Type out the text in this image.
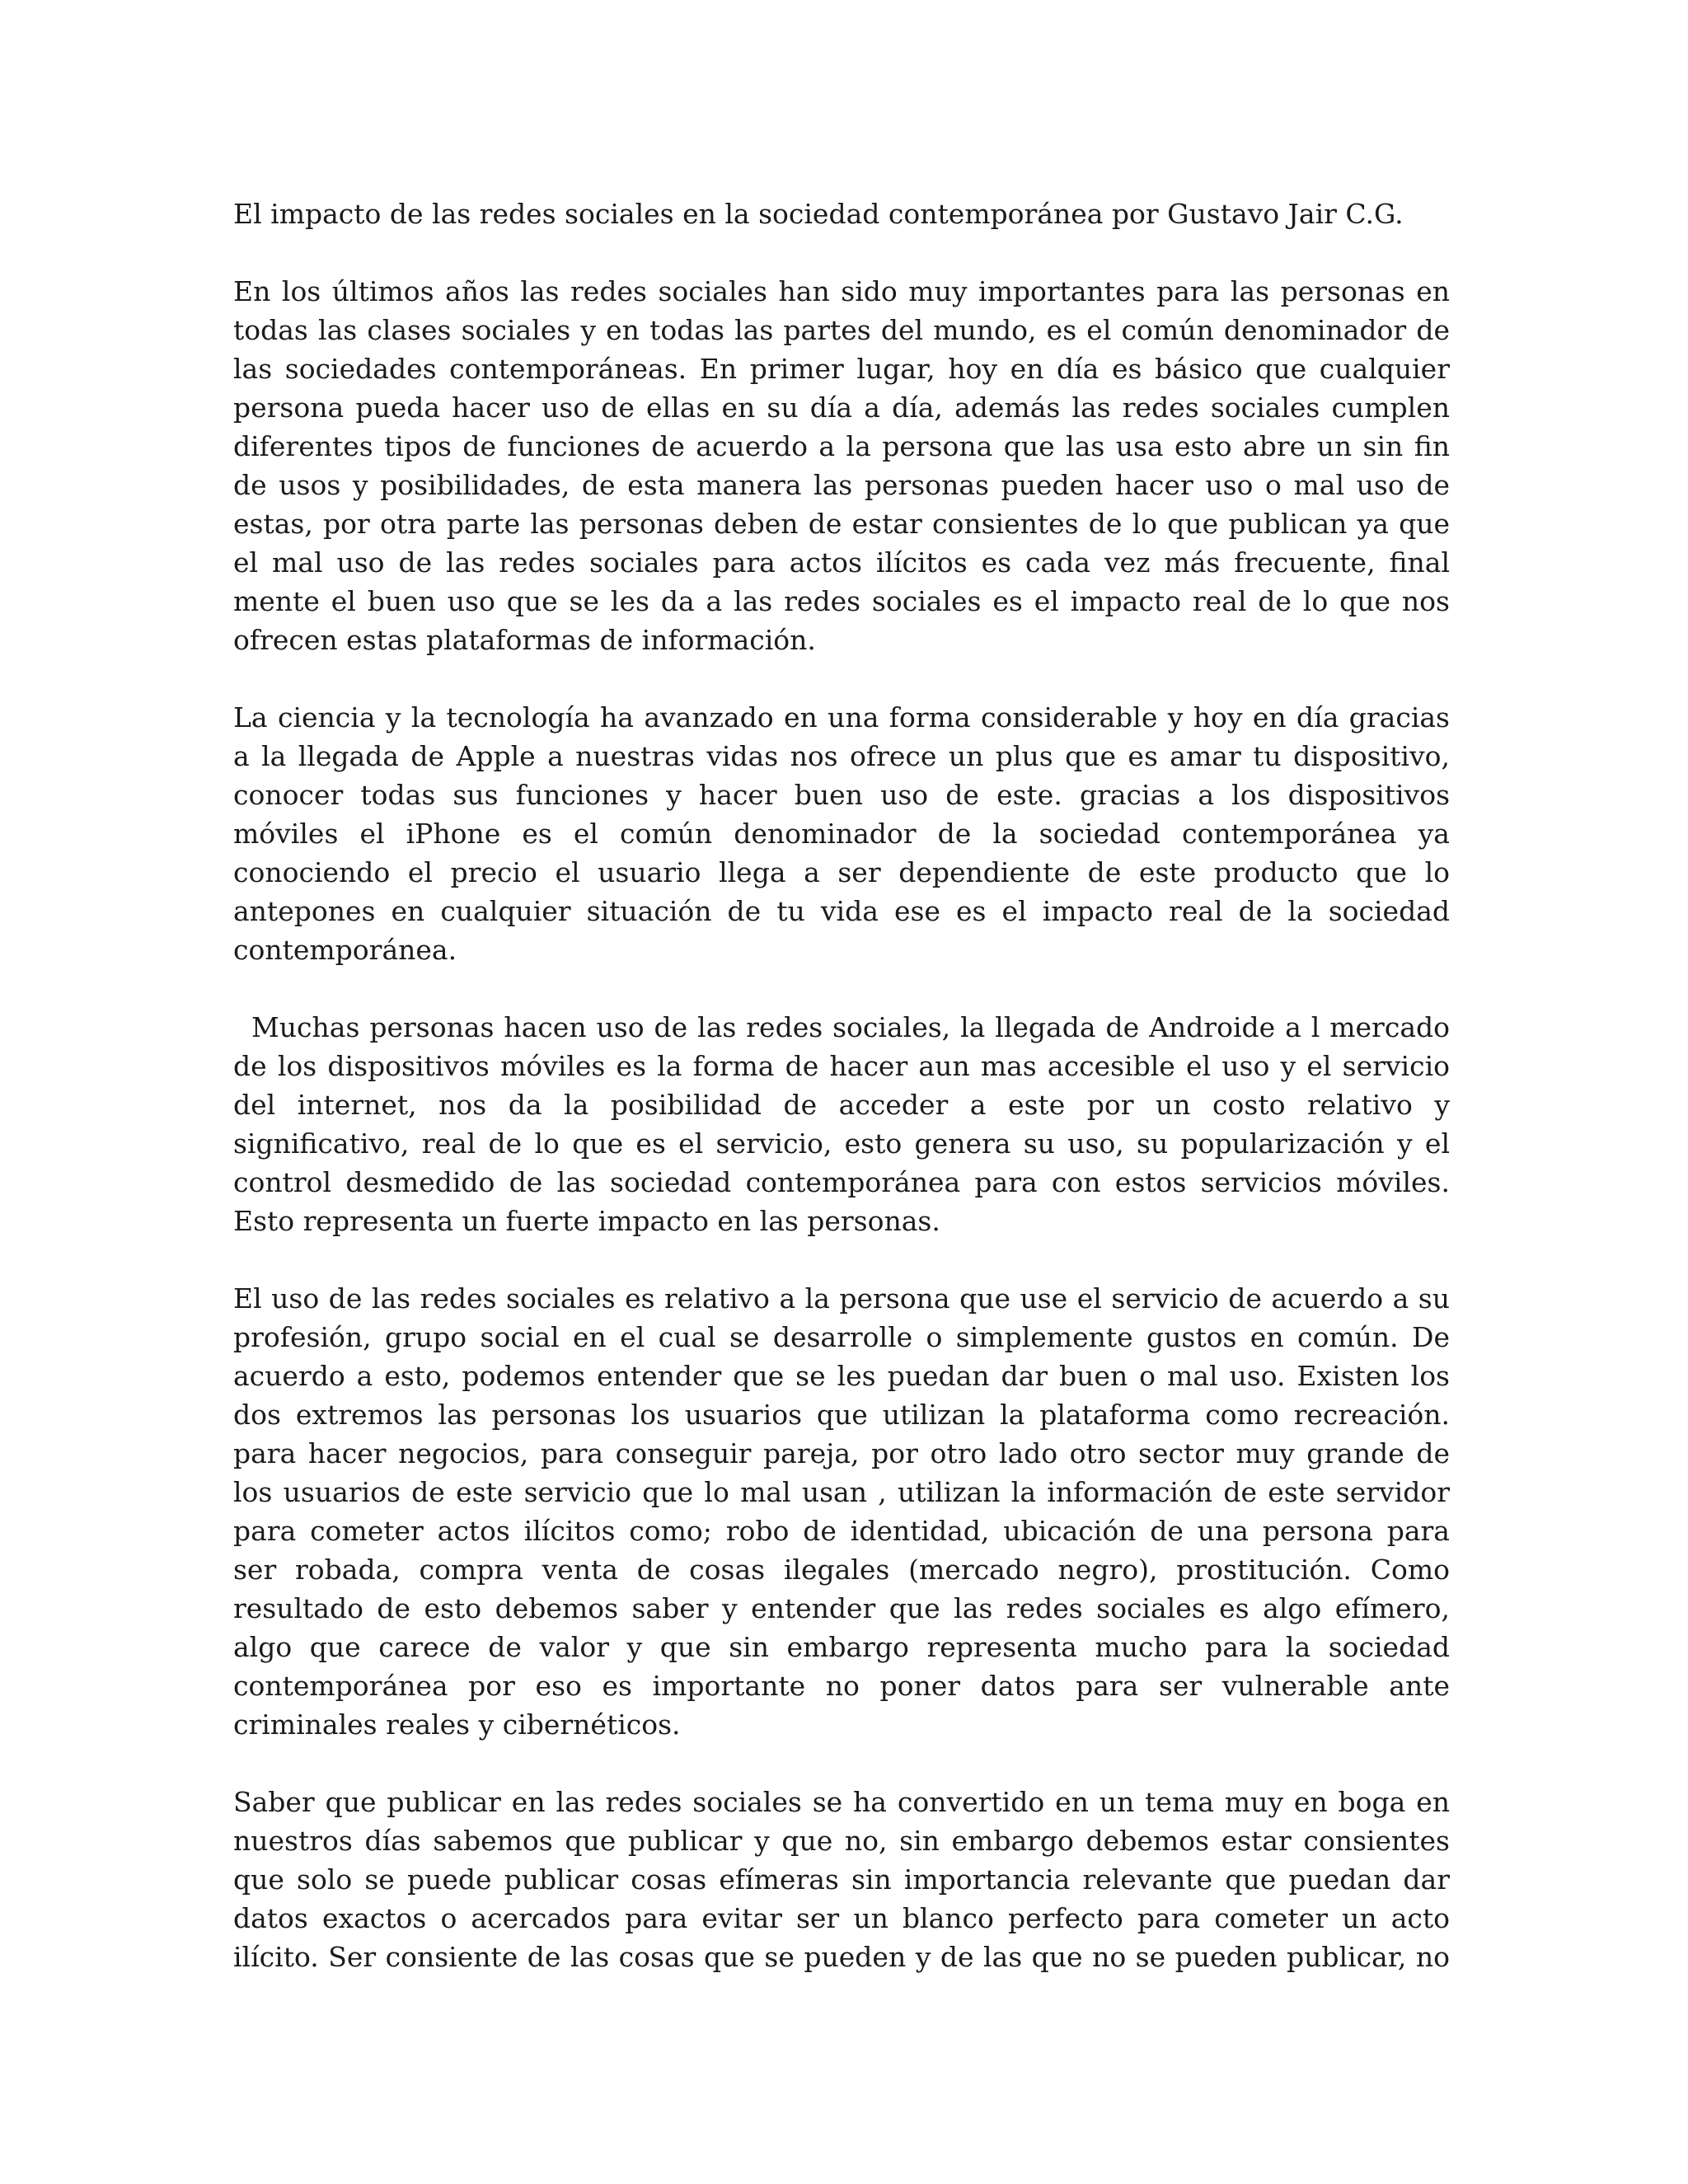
El impacto de las redes sociales en la sociedad contemporánea por Gustavo Jair C.G.
En los últimos años las redes sociales han sido muy importantes para las personas en
todas las clases sociales y en todas las partes del mundo, es el común denominador de
las sociedades contemporáneas. En primer lugar, hoy en día es básico que cualquier
persona pueda hacer uso de ellas en su día a día, además las redes sociales cumplen
diferentes tipos de funciones de acuerdo a la persona que las usa esto abre un sin fin
de usos y posibilidades, de esta manera las personas pueden hacer uso o mal uso de
estas, por otra parte las personas deben de estar consientes de lo que publican ya que
el mal uso de las redes sociales para actos ilícitos es cada vez más frecuente, final
mente el buen uso que se les da a las redes sociales es el impacto real de lo que nos
ofrecen estas plataformas de información.
La ciencia y la tecnología ha avanzado en una forma considerable y hoy en día gracias
a la llegada de Apple a nuestras vidas nos ofrece un plus que es amar tu dispositivo,
conocer todas sus funciones y hacer buen uso de este. gracias a los dispositivos
móviles el iPhone es el común denominador de la sociedad contemporánea ya
conociendo el precio el usuario llega a ser dependiente de este producto que lo
antepones en cualquier situación de tu vida ese es el impacto real de la sociedad
contemporánea.
Muchas personas hacen uso de las redes sociales, la llegada de Androide a l mercado
de los dispositivos móviles es la forma de hacer aun mas accesible el uso y el servicio
del internet, nos da la posibilidad de acceder a este por un costo relativo y
significativo, real de lo que es el servicio, esto genera su uso, su popularización y el
control desmedido de las sociedad contemporánea para con estos servicios móviles.
Esto representa un fuerte impacto en las personas.
El uso de las redes sociales es relativo a la persona que use el servicio de acuerdo a su
profesión, grupo social en el cual se desarrolle o simplemente gustos en común. De
acuerdo a esto, podemos entender que se les puedan dar buen o mal uso. Existen los
dos extremos las personas los usuarios que utilizan la plataforma como recreación.
para hacer negocios, para conseguir pareja, por otro lado otro sector muy grande de
los usuarios de este servicio que lo mal usan , utilizan la información de este servidor
para cometer actos ilícitos como; robo de identidad, ubicación de una persona para
ser robada, compra venta de cosas ilegales (mercado negro), prostitución. Como
resultado de esto debemos saber y entender que las redes sociales es algo efímero,
algo que carece de valor y que sin embargo representa mucho para la sociedad
contemporánea por eso es importante no poner datos para ser vulnerable ante
criminales reales y cibernéticos.
Saber que publicar en las redes sociales se ha convertido en un tema muy en boga en
nuestros días sabemos que publicar y que no, sin embargo debemos estar consientes
que solo se puede publicar cosas efímeras sin importancia relevante que puedan dar
datos exactos o acercados para evitar ser un blanco perfecto para cometer un acto
ilícito. Ser consiente de las cosas que se pueden y de las que no se pueden publicar, no
